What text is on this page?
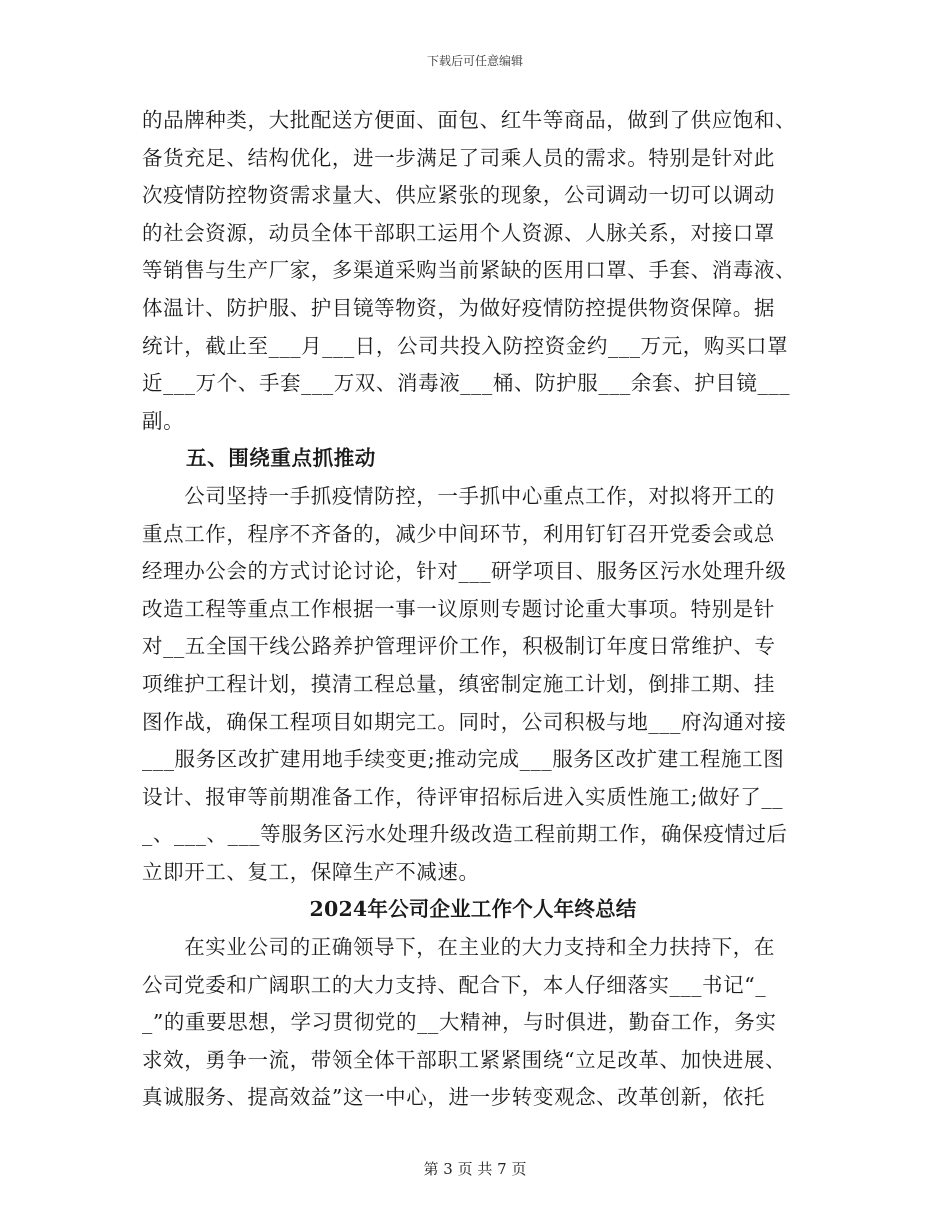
下载后可任意编辑
的品牌种类，大批配送方便面、面包、红牛等商品，做到了供应饱和、
备货充足、结构优化，进一步满足了司乘人员的需求。特别是针对此
次疫情防控物资需求量大、供应紧张的现象，公司调动一切可以调动
的社会资源，动员全体干部职工运用个人资源、人脉关系，对接口罩
等销售与生产厂家，多渠道采购当前紧缺的医用口罩、手套、消毒液、
体温计、防护服、护目镜等物资，为做好疫情防控提供物资保障。据
统计，截止至___月___日，公司共投入防控资金约___万元，购买口罩
近___万个、手套___万双、消毒液___桶、防护服___余套、护目镜___
副。
五、围绕重点抓推动
　　公司坚持一手抓疫情防控，一手抓中心重点工作，对拟将开工的
重点工作，程序不齐备的，减少中间环节，利用钉钉召开党委会或总
经理办公会的方式讨论讨论，针对___研学项目、服务区污水处理升级
改造工程等重点工作根据一事一议原则专题讨论重大事项。特别是针
对__五全国干线公路养护管理评价工作，积极制订年度日常维护、专
项维护工程计划，摸清工程总量，缜密制定施工计划，倒排工期、挂
图作战，确保工程项目如期完工。同时，公司积极与地___府沟通对接
___服务区改扩建用地手续变更;推动完成___服务区改扩建工程施工图
设计、报审等前期准备工作，待评审招标后进入实质性施工;做好了__
_、___、___等服务区污水处理升级改造工程前期工作，确保疫情过后
立即开工、复工，保障生产不减速。
2024年公司企业工作个人年终总结
　　在实业公司的正确领导下，在主业的大力支持和全力扶持下，在
公司党委和广阔职工的大力支持、配合下，本人仔细落实___书记“_
_”的重要思想，学习贯彻党的__大精神，与时俱进，勤奋工作，务实
求效，勇争一流，带领全体干部职工紧紧围绕“立足改革、加快进展、
真诚服务、提高效益”这一中心，进一步转变观念、改革创新，依托
第 3 页 共 7 页
